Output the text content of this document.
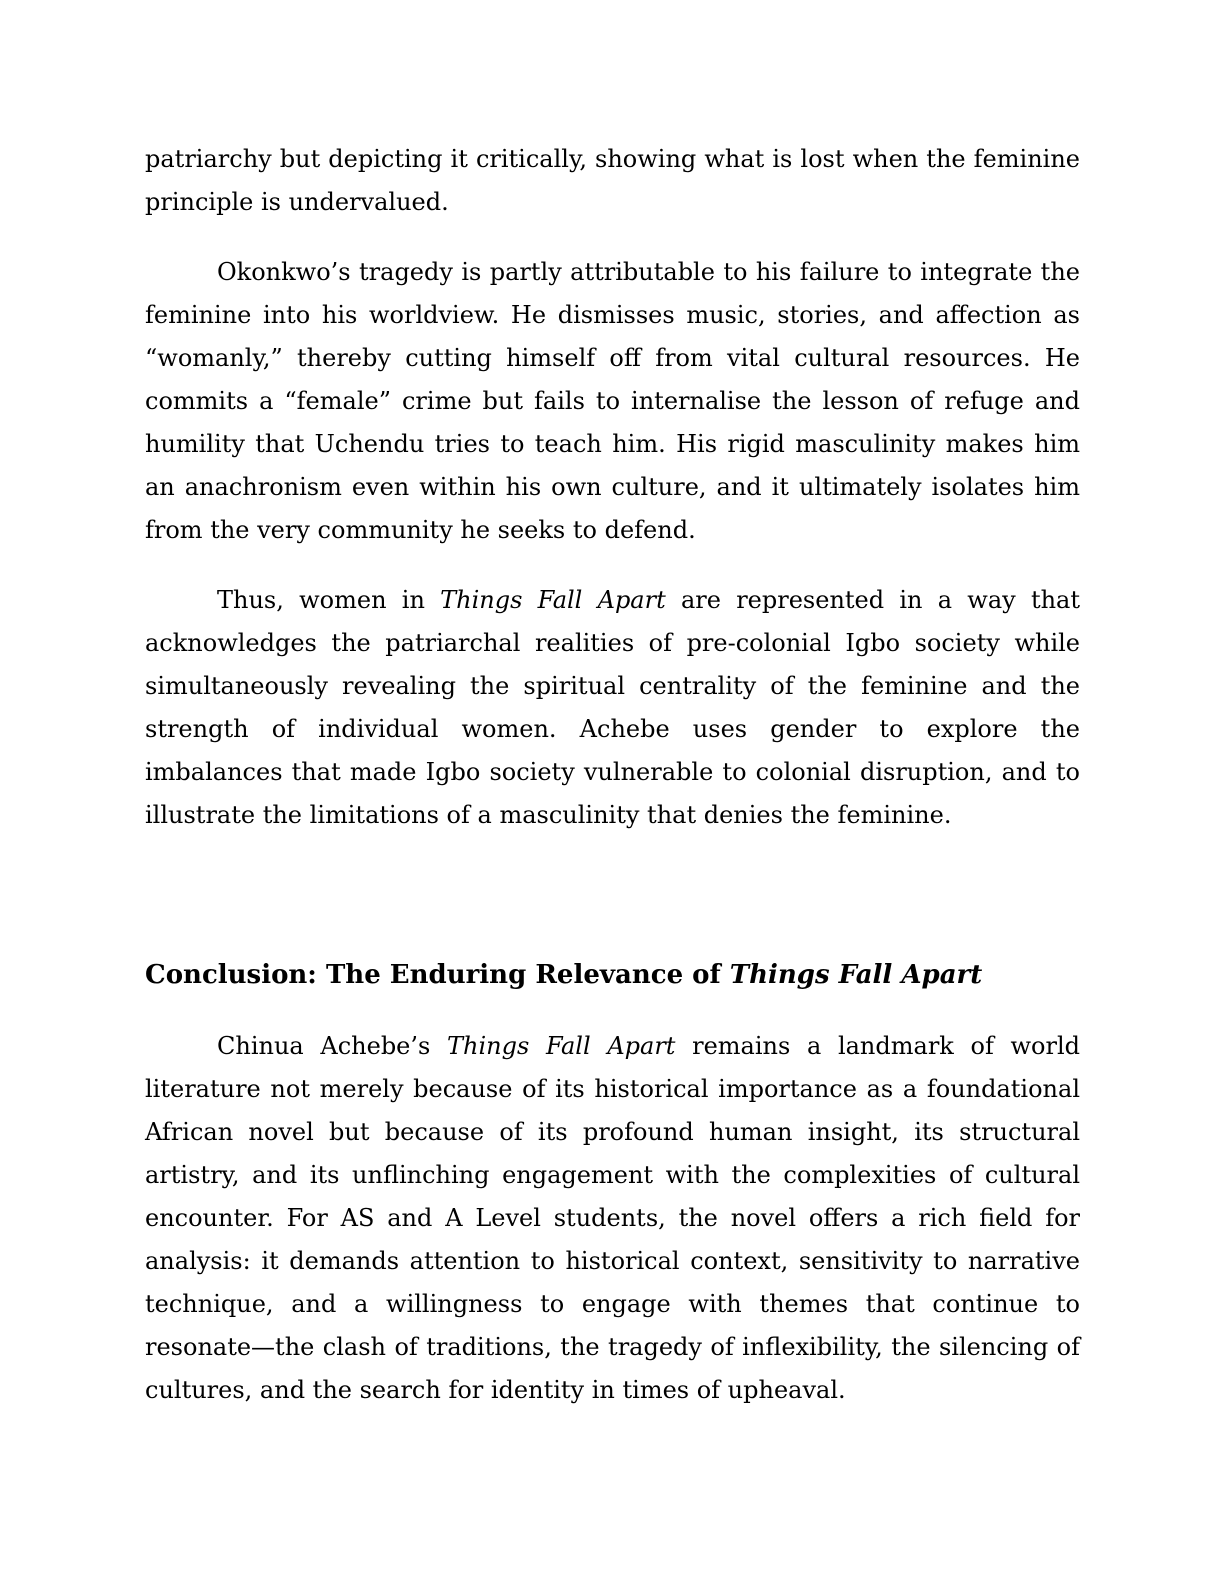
patriarchy but depicting it critically, showing what is lost when the feminine principle is undervalued.

Okonkwo’s tragedy is partly attributable to his failure to integrate the feminine into his worldview. He dismisses music, stories, and affection as “womanly,” thereby cutting himself off from vital cultural resources. He commits a “female” crime but fails to internalise the lesson of refuge and humility that Uchendu tries to teach him. His rigid masculinity makes him an anachronism even within his own culture, and it ultimately isolates him from the very community he seeks to defend.

Thus, women in Things Fall Apart are represented in a way that acknowledges the patriarchal realities of pre-colonial Igbo society while simultaneously revealing the spiritual centrality of the feminine and the strength of individual women. Achebe uses gender to explore the imbalances that made Igbo society vulnerable to colonial disruption, and to illustrate the limitations of a masculinity that denies the feminine.

Conclusion: The Enduring Relevance of Things Fall Apart

Chinua Achebe’s Things Fall Apart remains a landmark of world literature not merely because of its historical importance as a foundational African novel but because of its profound human insight, its structural artistry, and its unflinching engagement with the complexities of cultural encounter. For AS and A Level students, the novel offers a rich field for analysis: it demands attention to historical context, sensitivity to narrative technique, and a willingness to engage with themes that continue to resonate—the clash of traditions, the tragedy of inflexibility, the silencing of cultures, and the search for identity in times of upheaval.
